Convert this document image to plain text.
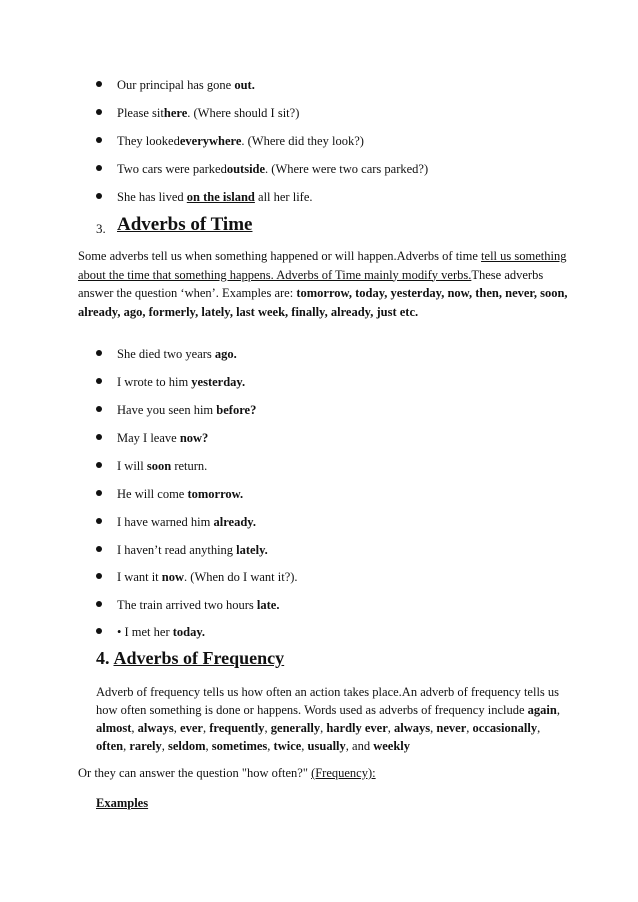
Our principal has gone out.
Please sithere. (Where should I sit?)
They lookedeverywhere. (Where did they look?)
Two cars were parkedoutside. (Where were two cars parked?)
She has lived on the island all her life.
3. Adverbs of Time
Some adverbs tell us when something happened or will happen.Adverbs of time tell us something about the time that something happens. Adverbs of Time mainly modify verbs.These adverbs answer the question ‘when’. Examples are: tomorrow, today, yesterday, now, then, never, soon, already, ago, formerly, lately, last week, finally, already, just etc.
She died two years ago.
I wrote to him yesterday.
Have you seen him before?
May I leave now?
I will soon return.
He will come tomorrow.
I have warned him already.
I haven’t read anything lately.
I want it now. (When do I want it?).
The train arrived two hours late.
• I met her today.
4. Adverbs of Frequency
Adverb of frequency tells us how often an action takes place.An adverb of frequency tells us how often something is done or happens. Words used as adverbs of frequency include again, almost, always, ever, frequently, generally, hardly ever, always, never, occasionally, often, rarely, seldom, sometimes, twice, usually, and weekly
Or they can answer the question "how often?" (Frequency):
Examples
